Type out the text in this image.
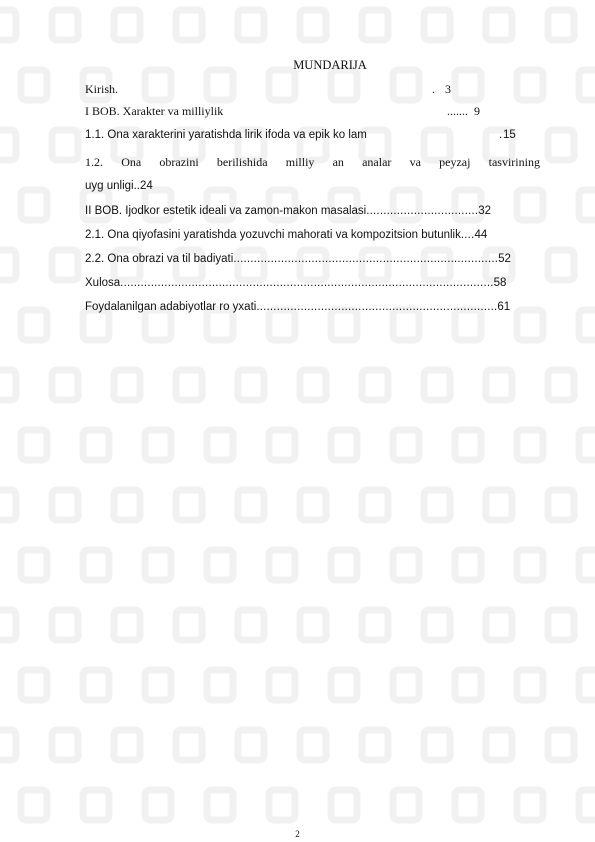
MUNDARIJA
Kirish.	. 3
I BOB. Xarakter va milliylik	....... 9
1.1. Ona xarakterini yaratishda lirik ifoda va epik ko lam	. 15
1.2. Ona obrazini berilishida milliy an analar va peyzaj tasvirining
uyg unligi..24
II BOB. Ijodkor estetik ideali va zamon-makon masalasi.................................32
2.1. Ona qiyofasini yaratishda yozuvchi mahorati va kompozitsion butunlik....44
2.2. Ona obrazi va til badiyati..............................................................................52
Xulosa..............................................................................................................58
Foydalanilgan adabiyotlar ro yxati.......................................................................61
2
